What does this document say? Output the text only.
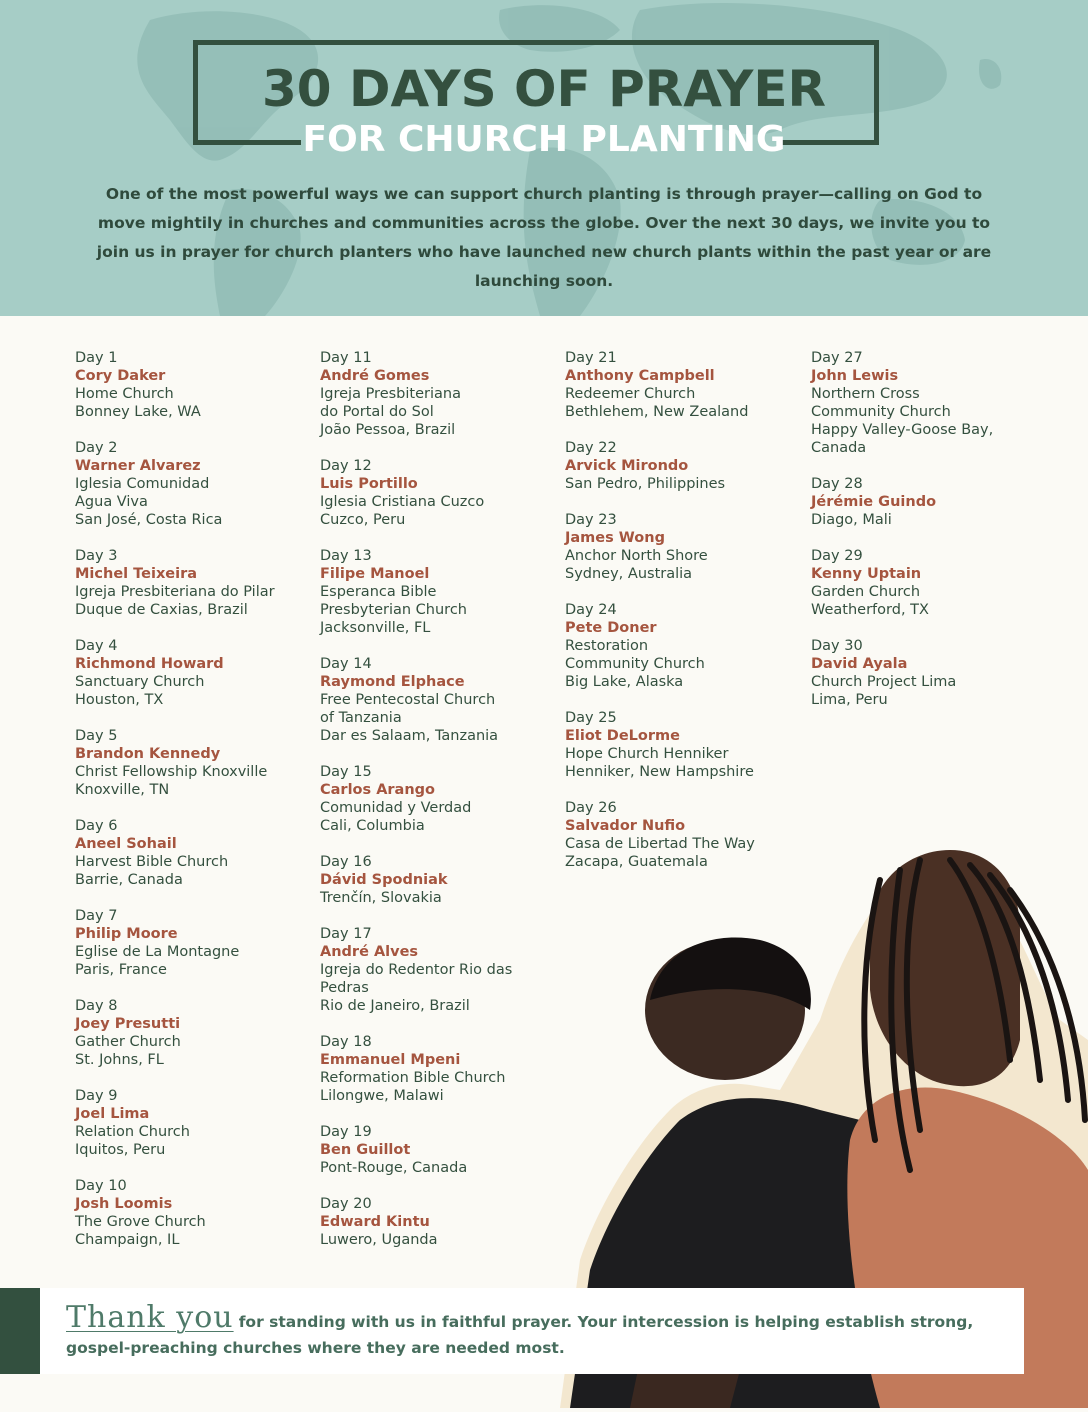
30 DAYS OF PRAYER
FOR CHURCH PLANTING
One of the most powerful ways we can support church planting is through prayer—calling on God to move mightily in churches and communities across the globe. Over the next 30 days, we invite you to join us in prayer for church planters who have launched new church plants within the past year or are launching soon.
Day 1
Cory Daker
Home Church
Bonney Lake, WA
Day 2
Warner Alvarez
Iglesia Comunidad
Agua Viva
San José, Costa Rica
Day 3
Michel Teixeira
Igreja Presbiteriana do Pilar
Duque de Caxias, Brazil
Day 4
Richmond Howard
Sanctuary Church
Houston, TX
Day 5
Brandon Kennedy
Christ Fellowship Knoxville
Knoxville, TN
Day 6
Aneel Sohail
Harvest Bible Church
Barrie, Canada
Day 7
Philip Moore
Eglise de La Montagne
Paris, France
Day 8
Joey Presutti
Gather Church
St. Johns, FL
Day 9
Joel Lima
Relation Church
Iquitos, Peru
Day 10
Josh Loomis
The Grove Church
Champaign, IL
Day 11
André Gomes
Igreja Presbiteriana
do Portal do Sol
João Pessoa, Brazil
Day 12
Luis Portillo
Iglesia Cristiana Cuzco
Cuzco, Peru
Day 13
Filipe Manoel
Esperanca Bible
Presbyterian Church
Jacksonville, FL
Day 14
Raymond Elphace
Free Pentecostal Church
of Tanzania
Dar es Salaam, Tanzania
Day 15
Carlos Arango
Comunidad y Verdad
Cali, Columbia
Day 16
Dávid Spodniak
Trenčín, Slovakia
Day 17
André Alves
Igreja do Redentor Rio das
Pedras
Rio de Janeiro, Brazil
Day 18
Emmanuel Mpeni
Reformation Bible Church
Lilongwe, Malawi
Day 19
Ben Guillot
Pont-Rouge, Canada
Day 20
Edward Kintu
Luwero, Uganda
Day 21
Anthony Campbell
Redeemer Church
Bethlehem, New Zealand
Day 22
Arvick Mirondo
San Pedro, Philippines
Day 23
James Wong
Anchor North Shore
Sydney, Australia
Day 24
Pete Doner
Restoration
Community Church
Big Lake, Alaska
Day 25
Eliot DeLorme
Hope Church Henniker
Henniker, New Hampshire
Day 26
Salvador Nufio
Casa de Libertad The Way
Zacapa, Guatemala
Day 27
John Lewis
Northern Cross
Community Church
Happy Valley-Goose Bay,
Canada
Day 28
Jérémie Guindo
Diago, Mali
Day 29
Kenny Uptain
Garden Church
Weatherford, TX
Day 30
David Ayala
Church Project Lima
Lima, Peru
Thank you for standing with us in faithful prayer. Your intercession is helping establish strong, gospel-preaching churches where they are needed most.
